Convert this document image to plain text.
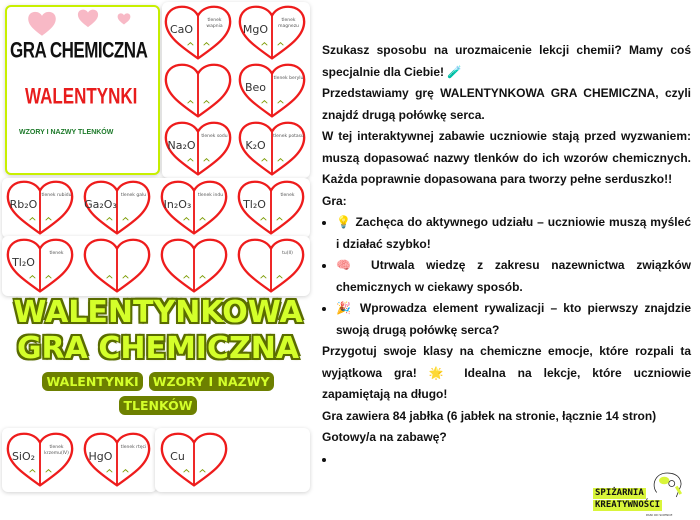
GRA CHEMICZNA
WALENTYNKI
WZORY I NAZWY TLENKÓW
CaO
tlenek wapnia	MgO
tlenek magnezu
Beo
tlenek berylu
Na₂O
tlenek sodu
K₂O
tlenek potasu
Rb₂O
tlenek rubidu
Ga₂O₃
tlenek galu
In₂O₃
tlenek indu
Tl₂O
tlenek
Tl₂O
tlenek	tu(II)
SiO₂
tlenek krzemu(IV)	HgO
tlenek rtęci
Cu
WALENTYNKOWA
GRA CHEMICZNA
WALENTYNKI	WZORY I NAZWY
TLENKÓW

Szukasz sposobu na urozmaicenie lekcji chemii? Mamy coś specjalnie dla Ciebie! 🧪

Przedstawiamy grę WALENTYNKOWA GRA CHEMICZNA, czyli znajdź drugą połówkę serca.

W tej interaktywnej zabawie uczniowie stają przed wyzwaniem: muszą dopasować nazwy tlenków do ich wzorów chemicznych. Każda poprawnie dopasowana para tworzy pełne serduszko!!

Gra:

• 💡 Zachęca do aktywnego udziału – uczniowie muszą myśleć i działać szybko!
• 🧠 Utrwala wiedzę z zakresu nazewnictwa związków chemicznych w ciekawy sposób.
• 🎉 Wprowadza element rywalizacji – kto pierwszy znajdzie swoją drugą połówkę serca?

Przygotuj swoje klasy na chemiczne emocje, które rozpali ta wyjątkowa gra! 🌟 Idealna na lekcje, które uczniowie zapamiętają na długo!

Gra zawiera 84 jabłka (6 jabłek na stronie, łącznie 14 stron)

Gotowy/a na zabawę?

•
SPIŻARNIA
KREATYWNOŚCI
PANI OD SCIENCE
